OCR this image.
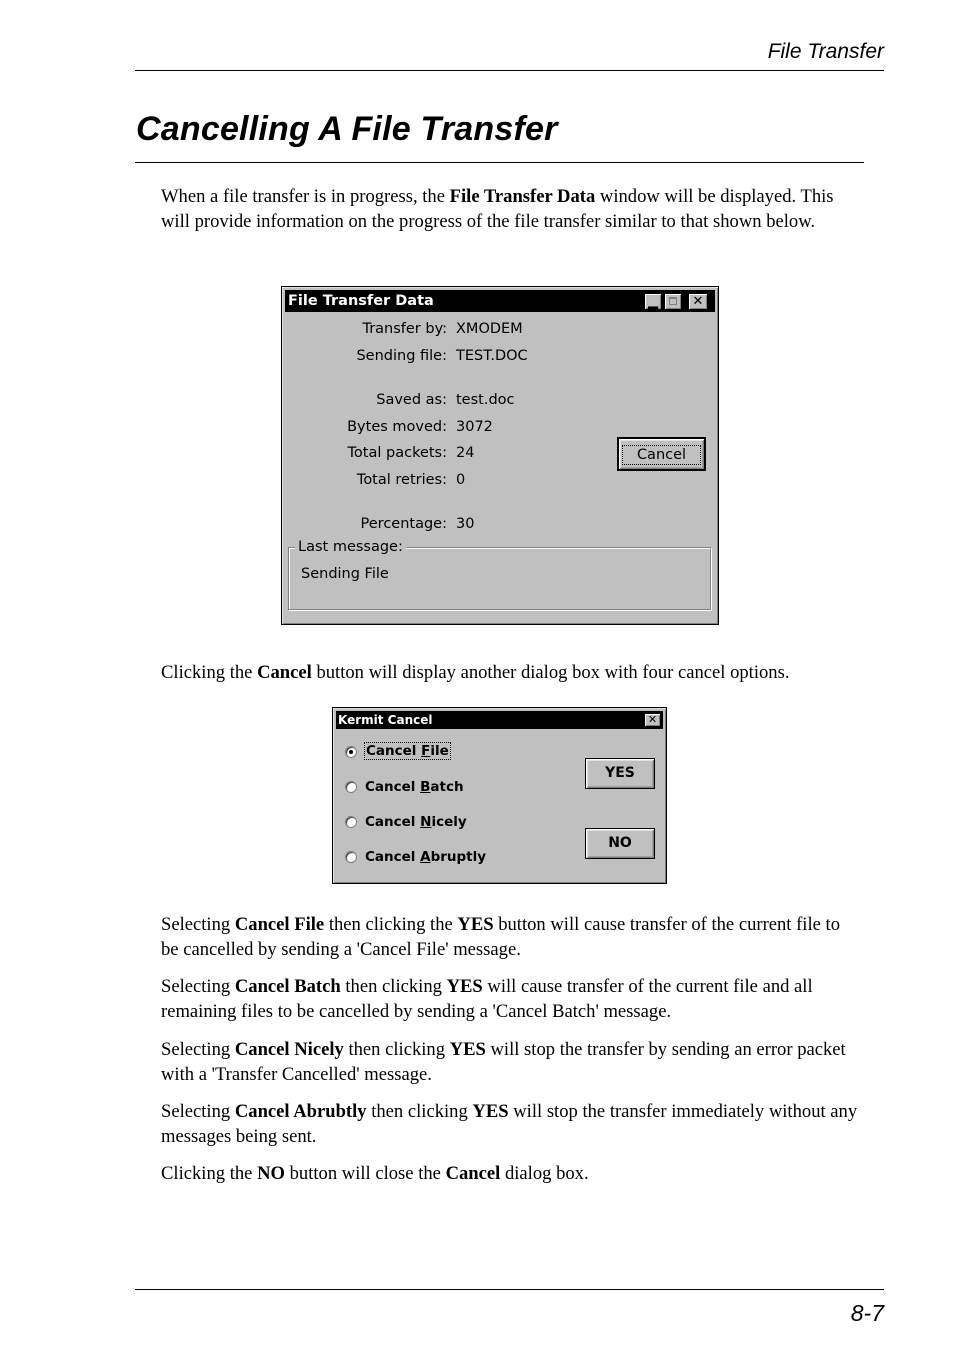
File Transfer
Cancelling A File Transfer

When a file transfer is in progress, the File Transfer Data window will be displayed. This will provide information on the progress of the file transfer similar to that shown below.

File Transfer Data	▂	✕
Transfer by: XMODEM
Sending file: TEST.DOC
Saved as: test.doc
Bytes moved: 3072
Total packets: 24
Total retries: 0
Percentage: 30
Cancel
Last message:
Sending File

Clicking the Cancel button will display another dialog box with four cancel options.

Kermit Cancel	✕
Cancel File
Cancel Batch
Cancel Nicely
Cancel Abruptly
YES
NO

Selecting Cancel File then clicking the YES button will cause transfer of the current file to be cancelled by sending a 'Cancel File' message.

Selecting Cancel Batch then clicking YES will cause transfer of the current file and all remaining files to be cancelled by sending a 'Cancel Batch' message.

Selecting Cancel Nicely then clicking YES will stop the transfer by sending an error packet with a 'Transfer Cancelled' message.

Selecting Cancel Abrubtly then clicking YES will stop the transfer immediately without any messages being sent.

Clicking the NO button will close the Cancel dialog box.

8-7
